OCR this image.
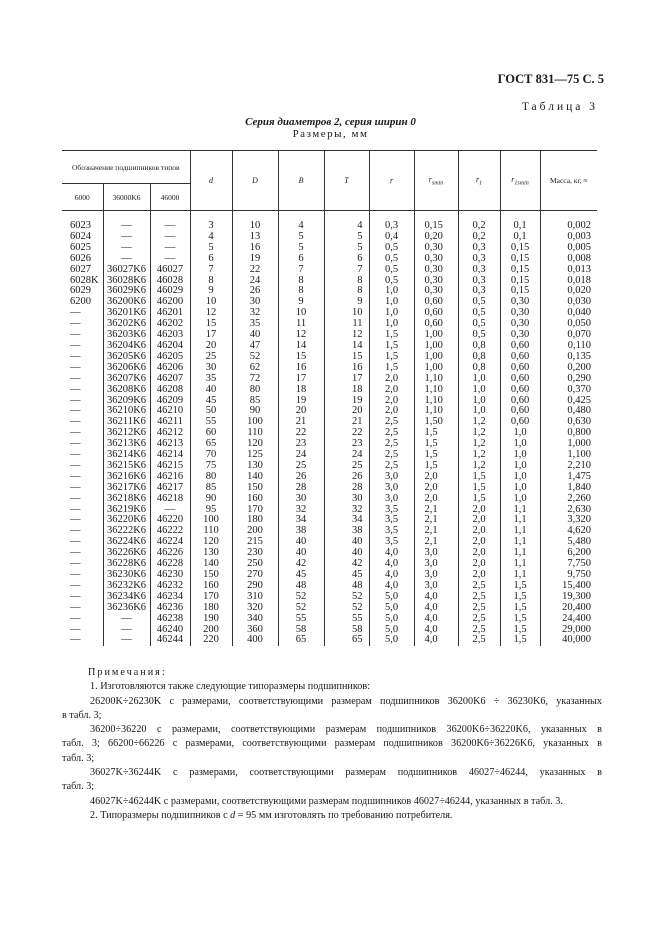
ГОСТ 831—75 С. 5
Таблица 3
Серия диаметров 2, серия ширин 0
Размеры, мм
Обозначение подшипников типов			d	D	B	T	r	$r_{smin}$	$r_1$	$r_{1smin}$	Масса, кг, ≈
6000	36000K6	46000									
6023	—	—	3	10	4	4	0,3	0,15	0,2	0,1	0,002
6024	—	—	4	13	5	5	0,4	0,20	0,2	0,1	0,003
6025	—	—	5	16	5	5	0,5	0,30	0,3	0,15	0,005
6026	—	—	6	19	6	6	0,5	0,30	0,3	0,15	0,008
6027	36027K6	46027	7	22	7	7	0,5	0,30	0,3	0,15	0,013
6028K	36028K6	46028	8	24	8	8	0,5	0,30	0,3	0,15	0,018
6029	36029K6	46029	9	26	8	8	1,0	0,30	0,3	0,15	0,020
6200	36200K6	46200	10	30	9	9	1,0	0,60	0,5	0,30	0,030
—	36201K6	46201	12	32	10	10	1,0	0,60	0,5	0,30	0,040
—	36202K6	46202	15	35	11	11	1,0	0,60	0,5	0,30	0,050
—	36203K6	46203	17	40	12	12	1,5	1,00	0,5	0,30	0,070
—	36204K6	46204	20	47	14	14	1,5	1,00	0,8	0,60	0,110
—	36205K6	46205	25	52	15	15	1,5	1,00	0,8	0,60	0,135
—	36206K6	46206	30	62	16	16	1,5	1,00	0,8	0,60	0,200
—	36207K6	46207	35	72	17	17	2,0	1,10	1,0	0,60	0,290
—	36208K6	46208	40	80	18	18	2,0	1,10	1,0	0,60	0,370
—	36209K6	46209	45	85	19	19	2,0	1,10	1,0	0,60	0,425
—	36210K6	46210	50	90	20	20	2,0	1,10	1,0	0,60	0,480
—	36211K6	46211	55	100	21	21	2,5	1,50	1,2	0,60	0,630
—	36212K6	46212	60	110	22	22	2,5	1,5	1,2	1,0	0,800
—	36213K6	46213	65	120	23	23	2,5	1,5	1,2	1,0	1,000
—	36214K6	46214	70	125	24	24	2,5	1,5	1,2	1,0	1,100
—	36215K6	46215	75	130	25	25	2,5	1,5	1,2	1,0	2,210
—	36216K6	46216	80	140	26	26	3,0	2,0	1,5	1,0	1,475
—	36217K6	46217	85	150	28	28	3,0	2,0	1,5	1,0	1,840
—	36218K6	46218	90	160	30	30	3,0	2,0	1,5	1,0	2,260
—	36219K6	—	95	170	32	32	3,5	2,1	2,0	1,1	2,630
—	36220K6	46220	100	180	34	34	3,5	2,1	2,0	1,1	3,320
—	36222K6	46222	110	200	38	38	3,5	2,1	2,0	1,1	4,620
—	36224K6	46224	120	215	40	40	3,5	2,1	2,0	1,1	5,480
—	36226K6	46226	130	230	40	40	4,0	3,0	2,0	1,1	6,200
—	36228K6	46228	140	250	42	42	4,0	3,0	2,0	1,1	7,750
—	36230K6	46230	150	270	45	45	4,0	3,0	2,0	1,1	9,750
—	36232K6	46232	160	290	48	48	4,0	3,0	2,5	1,5	15,400
—	36234K6	46234	170	310	52	52	5,0	4,0	2,5	1,5	19,300
—	36236K6	46236	180	320	52	52	5,0	4,0	2,5	1,5	20,400
—	—	46238	190	340	55	55	5,0	4,0	2,5	1,5	24,400
—	—	46240	200	360	58	58	5,0	4,0	2,5	1,5	29,000
—	—	46244	220	400	65	65	5,0	4,0	2,5	1,5	40,000

Примечания:

1. Изготовляются также следующие типоразмеры подшипников:

26200K÷26230K с размерами, соответствующими размерам подшипников 36200K6 ÷ 36230K6, указанных

в табл. 3;

36200÷36220 с размерами, соответствующими размерам подшипников 36200K6÷36220K6, указанных в

табл. 3; 66200÷66226 с размерами, соответствующими размерам подшипников 36200K6÷36226K6, указанных в

табл. 3;

36027K÷36244K с размерами, соответствующими размерам подшипников 46027÷46244, указанных в

табл. 3;

46027K÷46244K с размерами, соответствующими размерам подшипников 46027÷46244, указанных в табл. 3.

2. Типоразмеры подшипников с d = 95 мм изготовлять по требованию потребителя.
